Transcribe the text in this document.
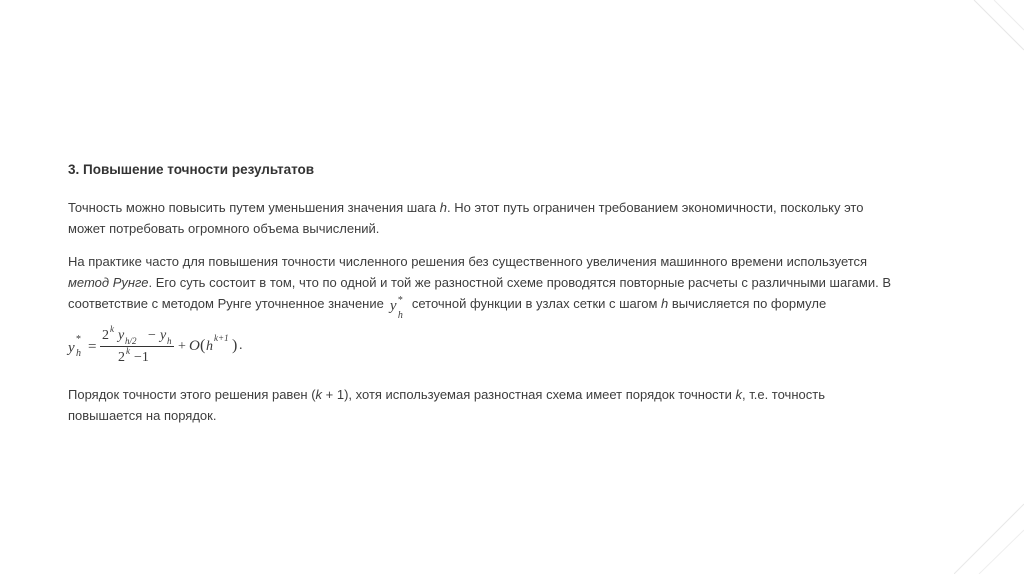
3. Повышение точности результатов

Точность можно повысить путем уменьшения значения шага h. Но этот путь ограничен требованием экономичности, поскольку это может потребовать огромного объема вычислений.

На практике часто для повышения точности численного решения без существенного увеличения машинного времени используется метод Рунге. Его суть состоит в том, что по одной и той же разностной схеме проводятся повторные расчеты с различными шагами. В соответствие с методом Рунге уточненное значение y *
h
сеточной функции в узлах сетки с шагом h вычисляется по формуле

y
*
h =
2 k y h/2 − y h
2 k −1
+ O ( h
k+1 ) .

Порядок точности этого решения равен (k + 1), хотя используемая разностная схема имеет порядок точности k, т.е. точность повышается на порядок.
